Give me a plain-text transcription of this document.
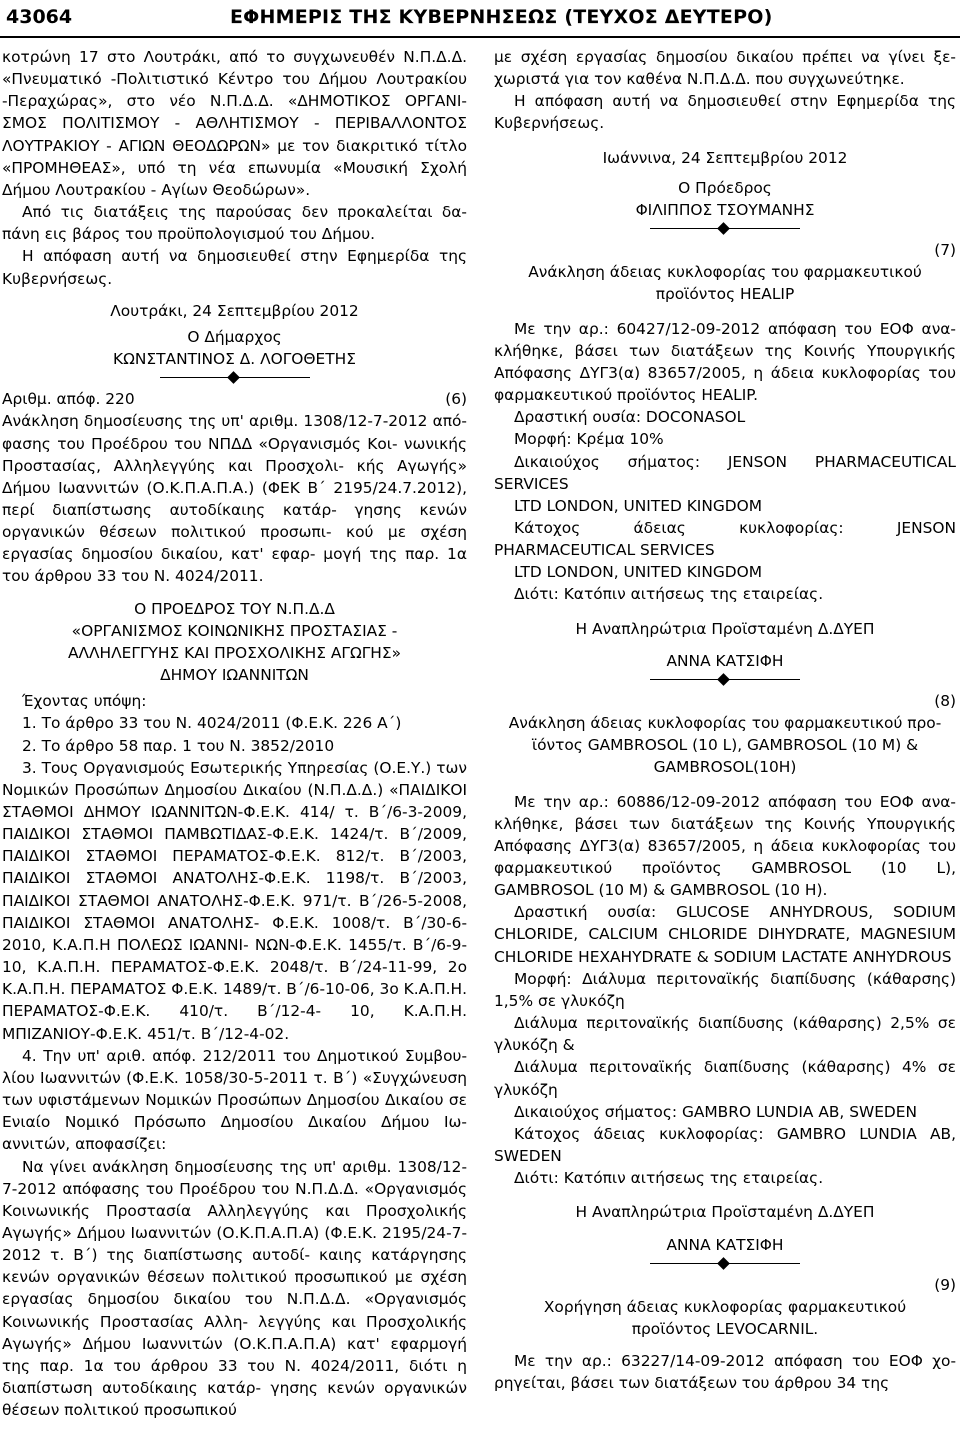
43064	ΕΦΗΜΕΡΙΣ ΤΗΣ ΚΥΒΕΡΝΗΣΕΩΣ (ΤΕΥΧΟΣ ΔΕΥΤΕΡΟ)

κοτρώνη 17 στο Λουτράκι, από το συγχωνευθέν Ν.Π.Δ.Δ. «Πνευματικό -Πολιτιστικό Κέντρο του Δήμου Λουτρακίου -Περαχώρας», στο νέο Ν.Π.Δ.Δ. «ΔΗΜΟΤΙΚΟΣ ΟΡΓΑΝΙ- ΣΜΟΣ ΠΟΛΙΤΙΣΜΟΥ - ΑΘΛΗΤΙΣΜΟΥ - ΠΕΡΙΒΑΛΛΟΝΤΟΣ ΛΟΥΤΡΑΚΙΟΥ - ΑΓΙΩΝ ΘΕΟΔΩΡΩΝ» με τον διακριτικό τίτλο «ΠΡΟΜΗΘΕΑΣ», υπό τη νέα επωνυμία «Μουσική Σχολή Δήμου Λουτρακίου - Αγίων Θεοδώρων».

Από τις διατάξεις της παρούσας δεν προκαλείται δα- πάνη εις βάρος του προϋπολογισμού του Δήμου.

Η απόφαση αυτή να δημοσιευθεί στην Εφημερίδα της Κυβερνήσεως.

Λουτράκι, 24 Σεπτεμβρίου 2012

Ο Δήμαρχος

ΚΩΝΣΤΑΝΤΙΝΟΣ Δ. ΛΟΓΟΘΕΤΗΣ

Αριθμ. απόφ. 220	(6)

Ανάκληση δημοσίευσης της υπ' αριθμ. 1308/12-7-2012 από- φασης του Προέδρου του ΝΠΔΔ «Οργανισμός Κοι- νωνικής Προστασίας, Αλληλεγγύης και Προσχολι- κής Αγωγής» Δήμου Ιωαννιτών (Ο.Κ.Π.Α.Π.Α.) (ΦΕΚ Β΄ 2195/24.7.2012), περί διαπίστωσης αυτοδίκαιης κατάρ- γησης κενών οργανικών θέσεων πολιτικού προσωπι- κού με σχέση εργασίας δημοσίου δικαίου, κατ' εφαρ- μογή της παρ. 1α του άρθρου 33 του Ν. 4024/2011.

Ο ΠΡΟΕΔΡΟΣ ΤΟΥ Ν.Π.Δ.Δ

«ΟΡΓΑΝΙΣΜΟΣ ΚΟΙΝΩΝΙΚΗΣ ΠΡΟΣΤΑΣΙΑΣ - ΑΛΛΗΛΕΓΓΥΗΣ ΚΑΙ ΠΡΟΣΧΟΛΙΚΗΣ ΑΓΩΓΗΣ»

ΔΗΜΟΥ ΙΩΑΝΝΙΤΩΝ

Έχοντας υπόψη:

1. Το άρθρο 33 του Ν. 4024/2011 (Φ.Ε.Κ. 226 Α΄)

2. Το άρθρο 58 παρ. 1 του Ν. 3852/2010

3. Τους Οργανισμούς Εσωτερικής Υπηρεσίας (Ο.Ε.Υ.) των Νομικών Προσώπων Δημοσίου Δικαίου (Ν.Π.Δ.Δ.) «ΠΑΙΔΙΚΟΙ ΣΤΑΘΜΟΙ ΔΗΜΟΥ ΙΩΑΝΝΙΤΩΝ-Φ.Ε.Κ. 414/ τ. Β΄/6-3-2009, ΠΑΙΔΙΚΟΙ ΣΤΑΘΜΟΙ ΠΑΜΒΩΤΙΔΑΣ-Φ.Ε.Κ. 1424/τ. Β΄/2009, ΠΑΙΔΙΚΟΙ ΣΤΑΘΜΟΙ ΠΕΡΑΜΑΤΟΣ-Φ.Ε.Κ. 812/τ. Β΄/2003, ΠΑΙΔΙΚΟΙ ΣΤΑΘΜΟΙ ΑΝΑΤΟΛΗΣ-Φ.Ε.Κ. 1198/τ. Β΄/2003, ΠΑΙΔΙΚΟΙ ΣΤΑΘΜΟΙ ΑΝΑΤΟΛΗΣ-Φ.Ε.Κ. 971/τ. Β΄/26-5-2008, ΠΑΙΔΙΚΟΙ ΣΤΑΘΜΟΙ ΑΝΑΤΟΛΗΣ- Φ.Ε.Κ. 1008/τ. Β΄/30-6-2010, Κ.Α.Π.Η ΠΟΛΕΩΣ ΙΩΑΝΝΙ- ΝΩΝ-Φ.Ε.Κ. 1455/τ. Β΄/6-9-10, Κ.Α.Π.Η. ΠΕΡΑΜΑΤΟΣ-Φ.Ε.Κ. 2048/τ. Β΄/24-11-99, 2ο Κ.Α.Π.Η. ΠΕΡΑΜΑΤΟΣ Φ.Ε.Κ. 1489/τ. Β΄/6-10-06, 3ο Κ.Α.Π.Η. ΠΕΡΑΜΑΤΟΣ-Φ.Ε.Κ. 410/τ. Β΄/12-4- 10, Κ.Α.Π.Η. ΜΠΙΖΑΝΙΟΥ-Φ.Ε.Κ. 451/τ. Β΄/12-4-02.

4. Την υπ' αριθ. απόφ. 212/2011 του Δημοτικού Συμβου- λίου Ιωαννιτών (Φ.Ε.Κ. 1058/30-5-2011 τ. Β΄) «Συγχώνευση των υφιστάμενων Νομικών Προσώπων Δημοσίου Δικαίου σε Ενιαίο Νομικό Πρόσωπο Δημοσίου Δικαίου Δήμου Ιω- αννιτών, αποφασίζει:

Να γίνει ανάκληση δημοσίευσης της υπ' αριθμ. 1308/12-7-2012 απόφασης του Προέδρου του Ν.Π.Δ.Δ. «Οργανισμός Κοινωνικής Προστασία Αλληλεγγύης και Προσχολικής Αγωγής» Δήμου Ιωαννιτών (Ο.Κ.Π.Α.Π.Α) (Φ.Ε.Κ. 2195/24-7-2012 τ. Β΄) της διαπίστωσης αυτοδί- καιης κατάργησης κενών οργανικών θέσεων πολιτικού προσωπικού με σχέση εργασίας δημοσίου δικαίου του Ν.Π.Δ.Δ. «Οργανισμός Κοινωνικής Προστασίας Αλλη- λεγγύης και Προσχολικής Αγωγής» Δήμου Ιωαννιτών (Ο.Κ.Π.Α.Π.Α) κατ' εφαρμογή της παρ. 1α του άρθρου 33 του Ν. 4024/2011, διότι η διαπίστωση αυτοδίκαιης κατάρ- γησης κενών οργανικών θέσεων πολιτικού προσωπικού

με σχέση εργασίας δημοσίου δικαίου πρέπει να γίνει ξε- χωριστά για τον καθένα Ν.Π.Δ.Δ. που συγχωνεύτηκε.

Η απόφαση αυτή να δημοσιευθεί στην Εφημερίδα της Κυβερνήσεως.

Ιωάννινα, 24 Σεπτεμβρίου 2012

Ο Πρόεδρος

ΦΙΛΙΠΠΟΣ ΤΣΟΥΜΑΝΗΣ

(7)

Ανάκληση άδειας κυκλοφορίας του φαρμακευτικού προϊόντος HEALIP

Με την αρ.: 60427/12-09-2012 απόφαση του ΕΟΦ ανα- κλήθηκε, βάσει των διατάξεων της Κοινής Υπουργικής Απόφασης ΔΥΓ3(α) 83657/2005, η άδεια κυκλοφορίας του φαρμακευτικού προϊόντος HEALIP.

Δραστική ουσία: DOCONASOL

Μορφή: Κρέμα 10%

Δικαιούχος σήματος: JENSON PHARMACEUTICAL SERVICES

LTD LONDON, UNITED KINGDOM

Κάτοχος άδειας κυκλοφορίας: JENSON PHARMACEUTICAL SERVICES

LTD LONDON, UNITED KINGDOM

Διότι: Κατόπιν αιτήσεως της εταιρείας.

Η Αναπληρώτρια Προϊσταμένη Δ.ΔΥΕΠ

ΑΝΝΑ ΚΑΤΣΙΦΗ

(8)

Ανάκληση άδειας κυκλοφορίας του φαρμακευτικού προ- ϊόντος GAMBROSOL (10 L), GAMBROSOL (10 M) & GAMBROSOL(10H)

Με την αρ.: 60886/12-09-2012 απόφαση του ΕΟΦ ανα- κλήθηκε, βάσει των διατάξεων της Κοινής Υπουργικής Απόφασης ΔΥΓ3(α) 83657/2005, η άδεια κυκλοφορίας του φαρμακευτικού προϊόντος GAMBROSOL (10 L), GAMBROSOL (10 M) & GAMBROSOL (10 H).

Δραστική ουσία: GLUCOSE ANHYDROUS, SODIUM CHLORIDE, CALCIUM CHLORIDE DIHYDRATE, MAGNESIUM CHLORIDE HEXAHYDRATE & SODIUM LACTATE ANHYDROUS

Μορφή: Διάλυμα περιτοναϊκής διαπίδυσης (κάθαρσης) 1,5% σε γλυκόζη

Διάλυμα περιτοναϊκής διαπίδυσης (κάθαρσης) 2,5% σε γλυκόζη &

Διάλυμα περιτοναϊκής διαπίδυσης (κάθαρσης) 4% σε γλυκόζη

Δικαιούχος σήματος: GAMBRO LUNDIA AB, SWEDEN

Κάτοχος άδειας κυκλοφορίας: GAMBRO LUNDIA AB, SWEDEN

Διότι: Κατόπιν αιτήσεως της εταιρείας.

Η Αναπληρώτρια Προϊσταμένη Δ.ΔΥΕΠ

ΑΝΝΑ ΚΑΤΣΙΦΗ

(9)

Χορήγηση άδειας κυκλοφορίας φαρμακευτικού προϊόντος LEVOCARNIL.

Με την αρ.: 63227/14-09-2012 απόφαση του ΕΟΦ χο- ρηγείται, βάσει των διατάξεων του άρθρου 34 της
